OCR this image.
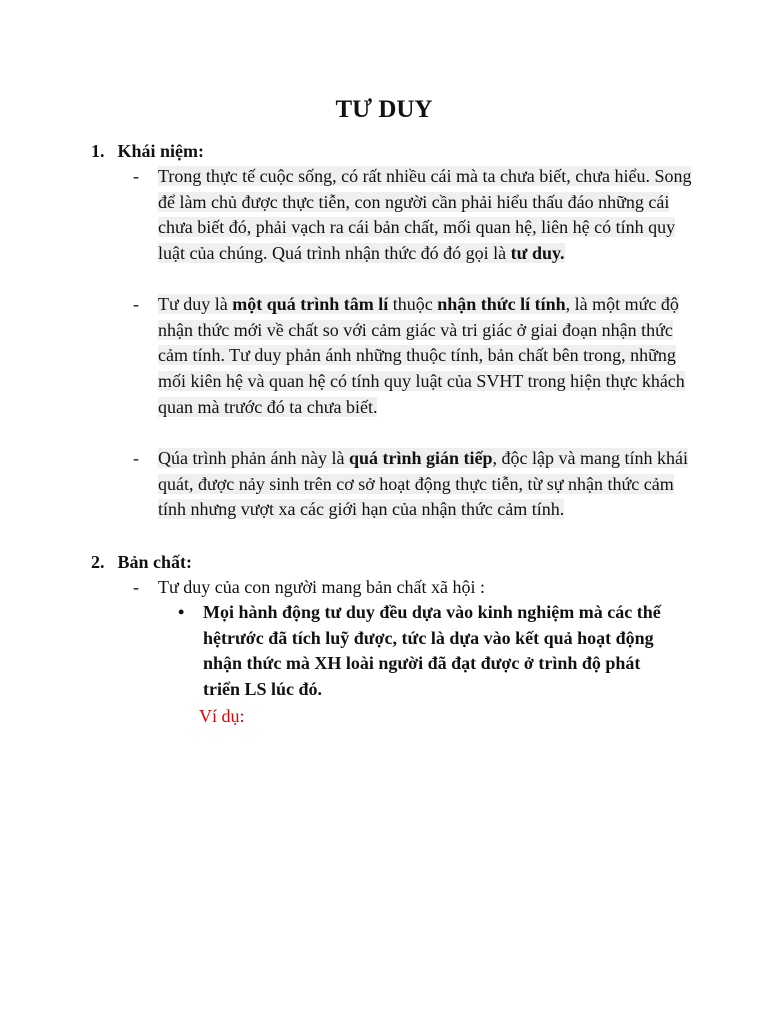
TƯ DUY
1. Khái niệm:
-	Trong thực tế cuộc sống, có rất nhiều cái mà ta chưa biết, chưa hiểu. Song để làm chủ được thực tiễn, con người cần phải hiểu thấu đáo những cái chưa biết đó, phải vạch ra cái bản chất, mối quan hệ, liên hệ có tính quy luật của chúng. Quá trình nhận thức đó đó gọi là tư duy.
-	Tư duy là một quá trình tâm lí thuộc nhận thức lí tính, là một mức độ nhận thức mới về chất so với cảm giác và tri giác ở giai đoạn nhận thức cảm tính. Tư duy phản ánh những thuộc tính, bản chất bên trong, những mối kiên hệ và quan hệ có tính quy luật của SVHT trong hiện thực khách quan mà trước đó ta chưa biết.
-	Qúa trình phản ánh này là quá trình gián tiếp, độc lập và mang tính khái quát, được nảy sinh trên cơ sở hoạt động thực tiễn, từ sự nhận thức cảm tính nhưng vượt xa các giới hạn của nhận thức cảm tính.
2. Bản chất:
-	Tư duy của con người mang bản chất xã hội :
•	Mọi hành động tư duy đều dựa vào kinh nghiệm mà các thế hệtrước đã tích luỹ được, tức là dựa vào kết quả hoạt động nhận thức mà XH loài người đã đạt được ở trình độ phát triển LS lúc đó.
Ví dụ:
